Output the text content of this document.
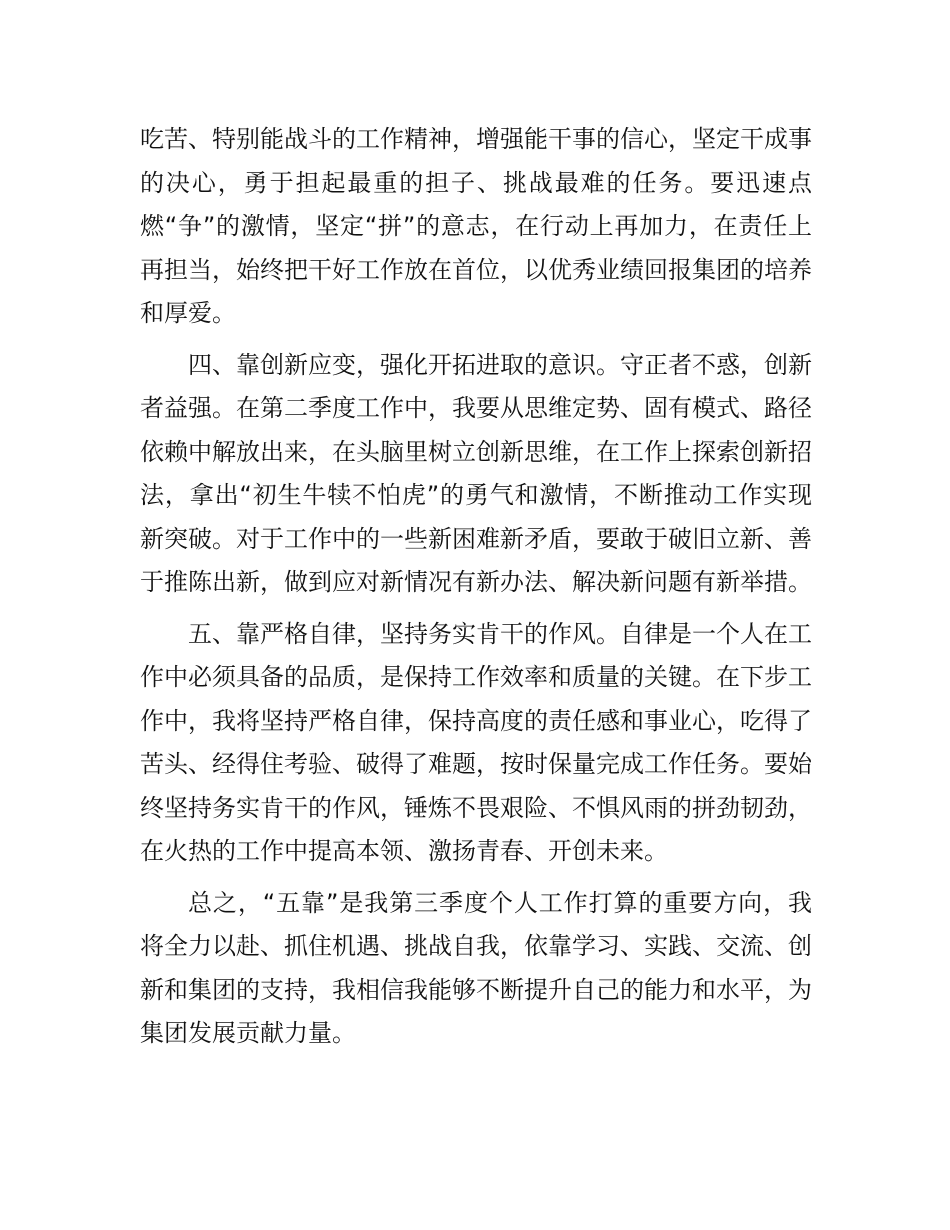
吃苦、特别能战斗的工作精神，增强能干事的信心，坚定干成事的决心，勇于担起最重的担子、挑战最难的任务。要迅速点燃“争”的激情，坚定“拼”的意志，在行动上再加力，在责任上再担当，始终把干好工作放在首位，以优秀业绩回报集团的培养和厚爱。

四、靠创新应变，强化开拓进取的意识。守正者不惑，创新者益强。在第二季度工作中，我要从思维定势、固有模式、路径依赖中解放出来，在头脑里树立创新思维，在工作上探索创新招法，拿出“初生牛犊不怕虎”的勇气和激情，不断推动工作实现新突破。对于工作中的一些新困难新矛盾，要敢于破旧立新、善于推陈出新，做到应对新情况有新办法、解决新问题有新举措。

五、靠严格自律，坚持务实肯干的作风。自律是一个人在工作中必须具备的品质，是保持工作效率和质量的关键。在下步工作中，我将坚持严格自律，保持高度的责任感和事业心，吃得了苦头、经得住考验、破得了难题，按时保量完成工作任务。要始终坚持务实肯干的作风，锤炼不畏艰险、不惧风雨的拼劲韧劲，在火热的工作中提高本领、激扬青春、开创未来。

总之，“五靠”是我第三季度个人工作打算的重要方向，我将全力以赴、抓住机遇、挑战自我，依靠学习、实践、交流、创新和集团的支持，我相信我能够不断提升自己的能力和水平，为集团发展贡献力量。
